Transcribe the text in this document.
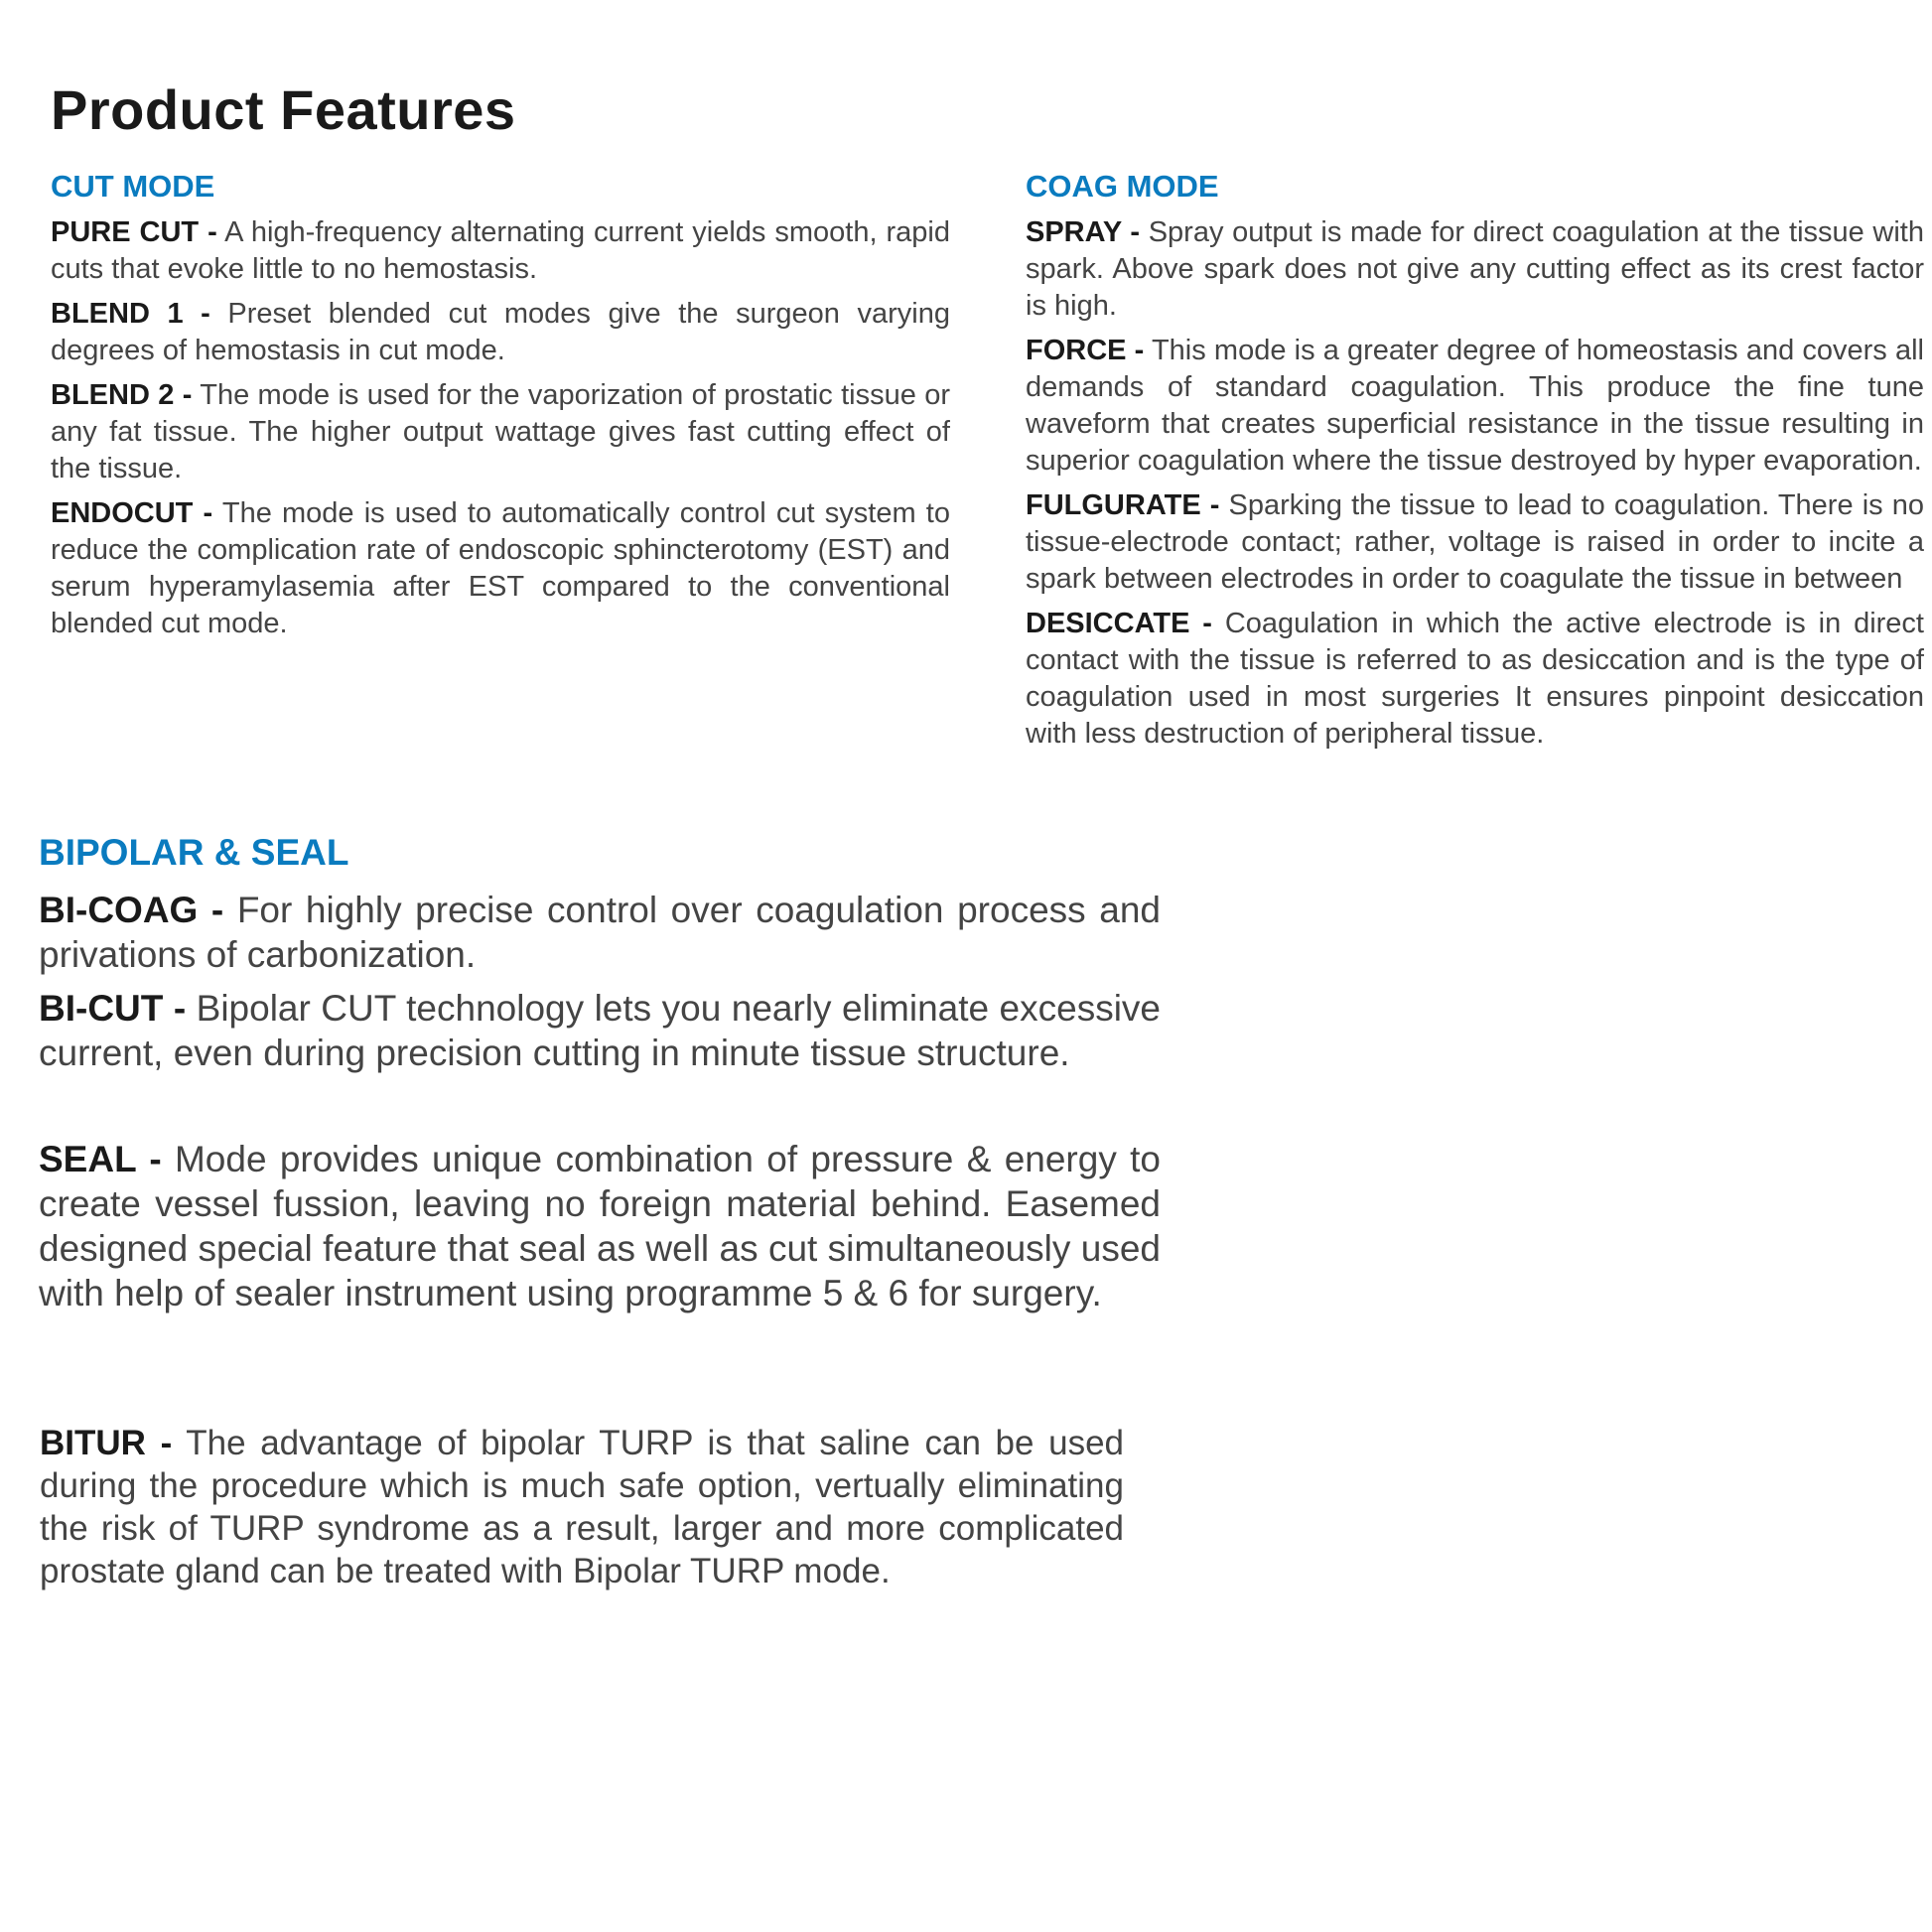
Product Features
CUT MODE

PURE CUT - A high-frequency alternating current yields smooth, rapid cuts that evoke little to no hemostasis.

BLEND 1 - Preset blended cut modes give the surgeon varying degrees of hemostasis in cut mode.

BLEND 2 - The mode is used for the vaporization of prostatic tissue or any fat tissue. The higher output wattage gives fast cutting effect of the tissue.

ENDOCUT - The mode is used to automatically control cut system to reduce the complication rate of endoscopic sphincterotomy (EST) and serum hyperamylasemia after EST compared to the conventional blended cut mode.

COAG MODE

SPRAY - Spray output is made for direct coagulation at the tissue with spark. Above spark does not give any cutting effect as its crest factor is high.

FORCE - This mode is a greater degree of homeostasis and covers all demands of standard coagulation. This produce the fine tune waveform that creates superficial resistance in the tissue resulting in superior coagulation where the tissue destroyed by hyper evaporation.

FULGURATE - Sparking the tissue to lead to coagulation. There is no tissue-electrode contact; rather, voltage is raised in order to incite a spark between electrodes in order to coagulate the tissue in between

DESICCATE - Coagulation in which the active electrode is in direct contact with the tissue is referred to as desiccation and is the type of coagulation used in most surgeries It ensures pinpoint desiccation with less destruction of peripheral tissue.

BIPOLAR & SEAL

BI-COAG - For highly precise control over coagulation process and privations of carbonization.

BI-CUT - Bipolar CUT technology lets you nearly eliminate excessive current, even during precision cutting in minute tissue structure.

SEAL - Mode provides unique combination of pressure & energy to create vessel fussion, leaving no foreign material behind. Easemed designed special feature that seal as well as cut simultaneously used with help of sealer instrument using programme 5 & 6 for surgery.

BITUR - The advantage of bipolar TURP is that saline can be used during the procedure which is much safe option, vertually eliminating the risk of TURP syndrome as a result, larger and more complicated prostate gland can be treated with Bipolar TURP mode.
